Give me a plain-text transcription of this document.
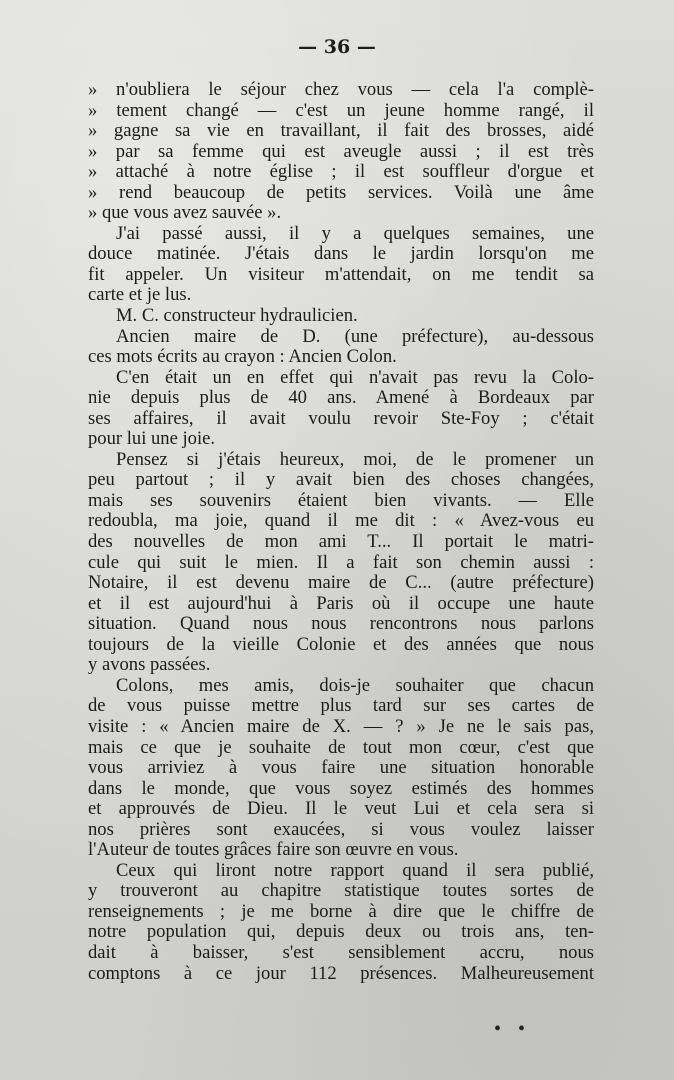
— 36 —
» n'oubliera le séjour chez vous — cela l'a complè-
» tement changé — c'est un jeune homme rangé, il
» gagne sa vie en travaillant, il fait des brosses, aidé
» par sa femme qui est aveugle aussi ; il est très
» attaché à notre église ; il est souffleur d'orgue et
» rend beaucoup de petits services. Voilà une âme
» que vous avez sauvée ».
J'ai passé aussi, il y a quelques semaines, une
douce matinée. J'étais dans le jardin lorsqu'on me
fit appeler. Un visiteur m'attendait, on me tendit sa
carte et je lus.
M. C. constructeur hydraulicien.
Ancien maire de D. (une préfecture), au-dessous
ces mots écrits au crayon : Ancien Colon.
C'en était un en effet qui n'avait pas revu la Colo-
nie depuis plus de 40 ans. Amené à Bordeaux par
ses affaires, il avait voulu revoir Ste-Foy ; c'était
pour lui une joie.
Pensez si j'étais heureux, moi, de le promener un
peu partout ; il y avait bien des choses changées,
mais ses souvenirs étaient bien vivants. — Elle
redoubla, ma joie, quand il me dit : « Avez-vous eu
des nouvelles de mon ami T... Il portait le matri-
cule qui suit le mien. Il a fait son chemin aussi :
Notaire, il est devenu maire de C... (autre préfecture)
et il est aujourd'hui à Paris où il occupe une haute
situation. Quand nous nous rencontrons nous parlons
toujours de la vieille Colonie et des années que nous
y avons passées.
Colons, mes amis, dois-je souhaiter que chacun
de vous puisse mettre plus tard sur ses cartes de
visite : « Ancien maire de X. — ? » Je ne le sais pas,
mais ce que je souhaite de tout mon cœur, c'est que
vous arriviez à vous faire une situation honorable
dans le monde, que vous soyez estimés des hommes
et approuvés de Dieu. Il le veut Lui et cela sera si
nos prières sont exaucées, si vous voulez laisser
l'Auteur de toutes grâces faire son œuvre en vous.
Ceux qui liront notre rapport quand il sera publié,
y trouveront au chapitre statistique toutes sortes de
renseignements ; je me borne à dire que le chiffre de
notre population qui, depuis deux ou trois ans, ten-
dait à baisser, s'est sensiblement accru, nous
comptons à ce jour 112 présences. Malheureusement
• •
